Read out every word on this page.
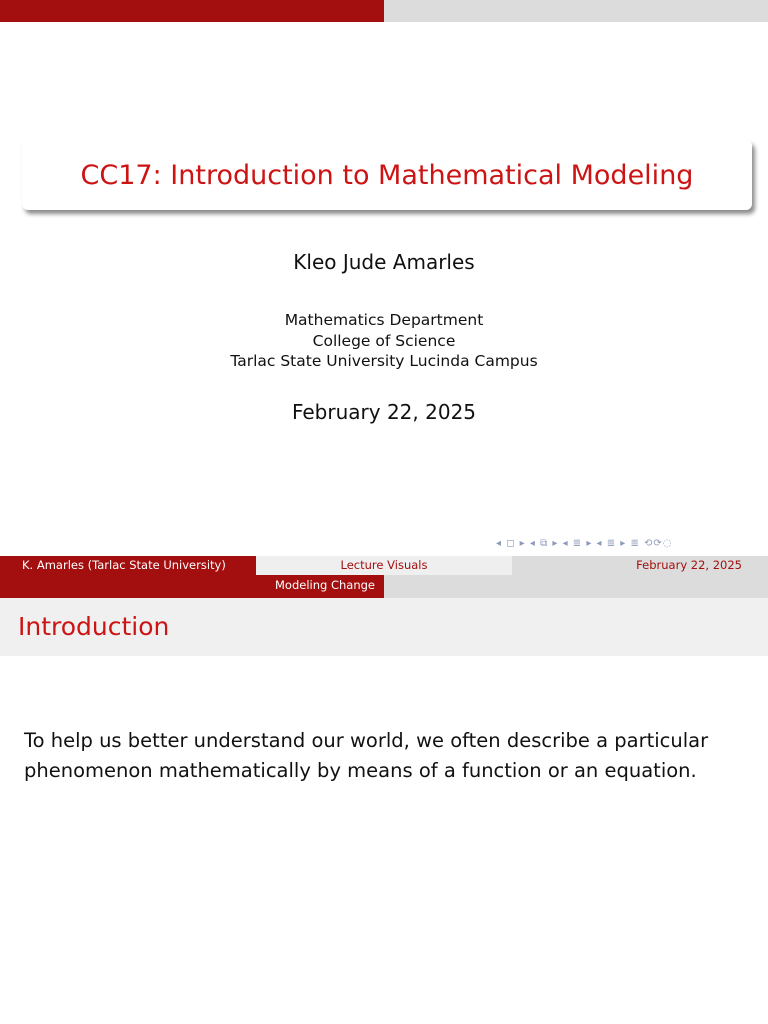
CC17: Introduction to Mathematical Modeling
Kleo Jude Amarles
Mathematics Department
College of Science
Tarlac State University Lucinda Campus
February 22, 2025
◂ ◻ ▸ ◂ ⧉ ▸ ◂ ≣ ▸ ◂ ≣ ▸ ≣ ⟲⟳◌
K. Amarles (Tarlac State University)	Lecture Visuals	February 22, 2025
Modeling Change
Introduction
To help us better understand our world, we often describe a particular phenomenon mathematically by means of a function or an equation.
